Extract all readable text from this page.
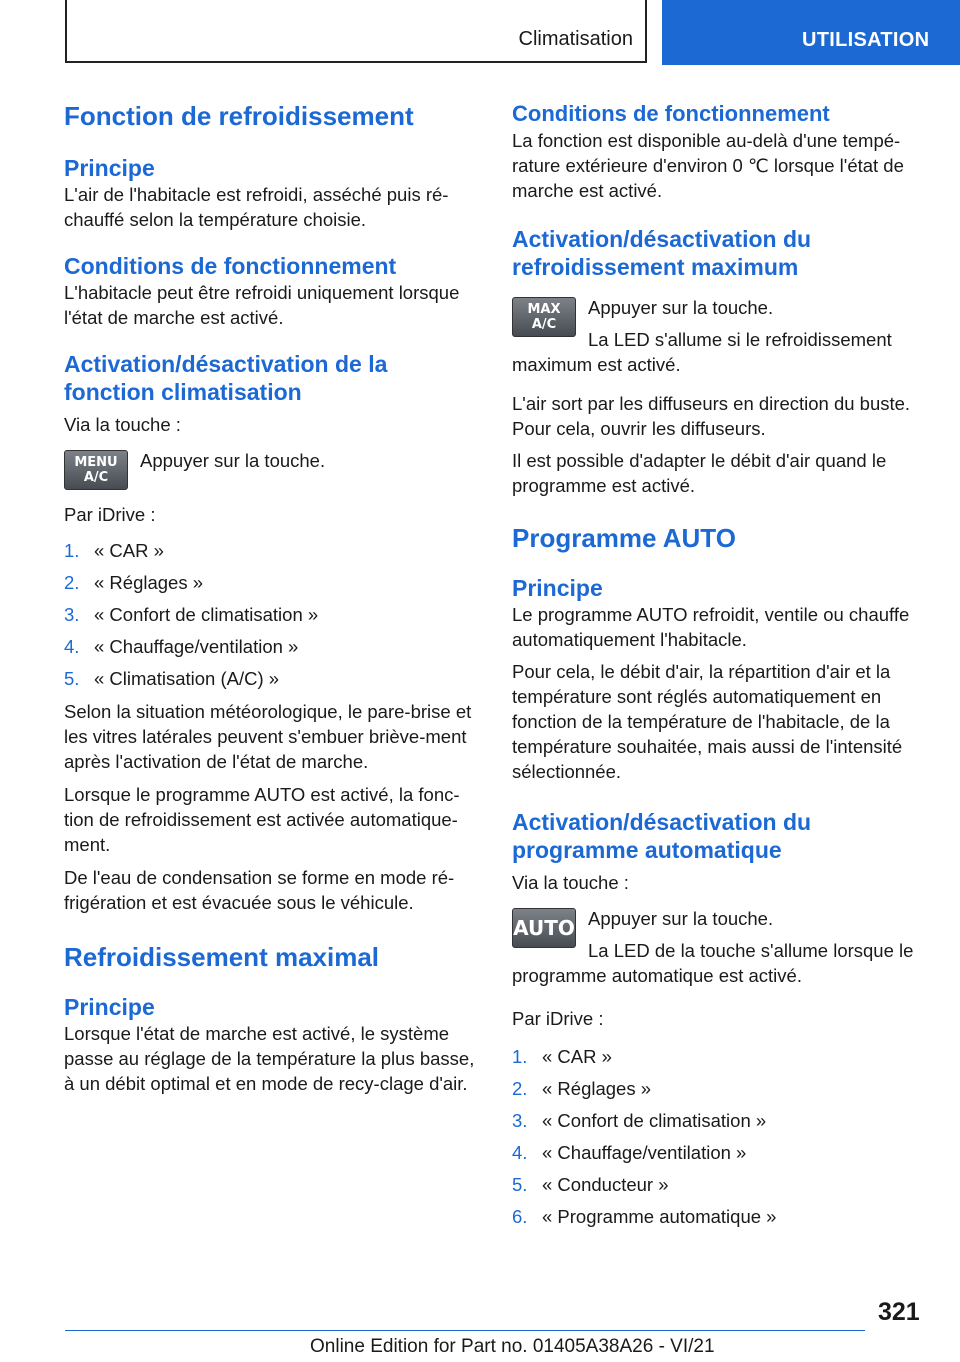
Climatisation	UTILISATION
Fonction de refroidissement
Principe

L'air de l'habitacle est refroidi, asséché puis ré-chauffé selon la température choisie.

Conditions de fonctionnement

L'habitacle peut être refroidi uniquement lorsque l'état de marche est activé.

Activation/désactivation de la fonction climatisation

Via la touche :

MENU
A/C

Appuyer sur la touche.

Par iDrive :

1. « CAR »
2. « Réglages »
3. « Confort de climatisation »
4. « Chauffage/ventilation »
5. « Climatisation (A/C) »

Selon la situation météorologique, le pare-brise et les vitres latérales peuvent s'embuer briève-ment après l'activation de l'état de marche.

Lorsque le programme AUTO est activé, la fonc-tion de refroidissement est activée automatique-ment.

De l'eau de condensation se forme en mode ré-frigération et est évacuée sous le véhicule.

Refroidissement maximal
Principe

Lorsque l'état de marche est activé, le système passe au réglage de la température la plus basse, à un débit optimal et en mode de recy-clage d'air.

Conditions de fonctionnement

La fonction est disponible au-delà d'une tempé-rature extérieure d'environ 0 ℃ lorsque l'état de marche est activé.

Activation/désactivation du refroidissement maximum
MAX
A/C

Appuyer sur la touche.

La LED s'allume si le refroidissement maximum est activé.

L'air sort par les diffuseurs en direction du buste. Pour cela, ouvrir les diffuseurs.

Il est possible d'adapter le débit d'air quand le programme est activé.

Programme AUTO
Principe

Le programme AUTO refroidit, ventile ou chauffe automatiquement l'habitacle.

Pour cela, le débit d'air, la répartition d'air et la température sont réglés automatiquement en fonction de la température de l'habitacle, de la température souhaitée, mais aussi de l'intensité sélectionnée.

Activation/désactivation du programme automatique

Via la touche :

AUTO Appuyer sur la touche.

La LED de la touche s'allume lorsque le programme automatique est activé.

Par iDrive :

1. « CAR »
2. « Réglages »
3. « Confort de climatisation »
4. « Chauffage/ventilation »
5. « Conducteur »
6. « Programme automatique »
321
Online Edition for Part no. 01405A38A26 - VI/21
